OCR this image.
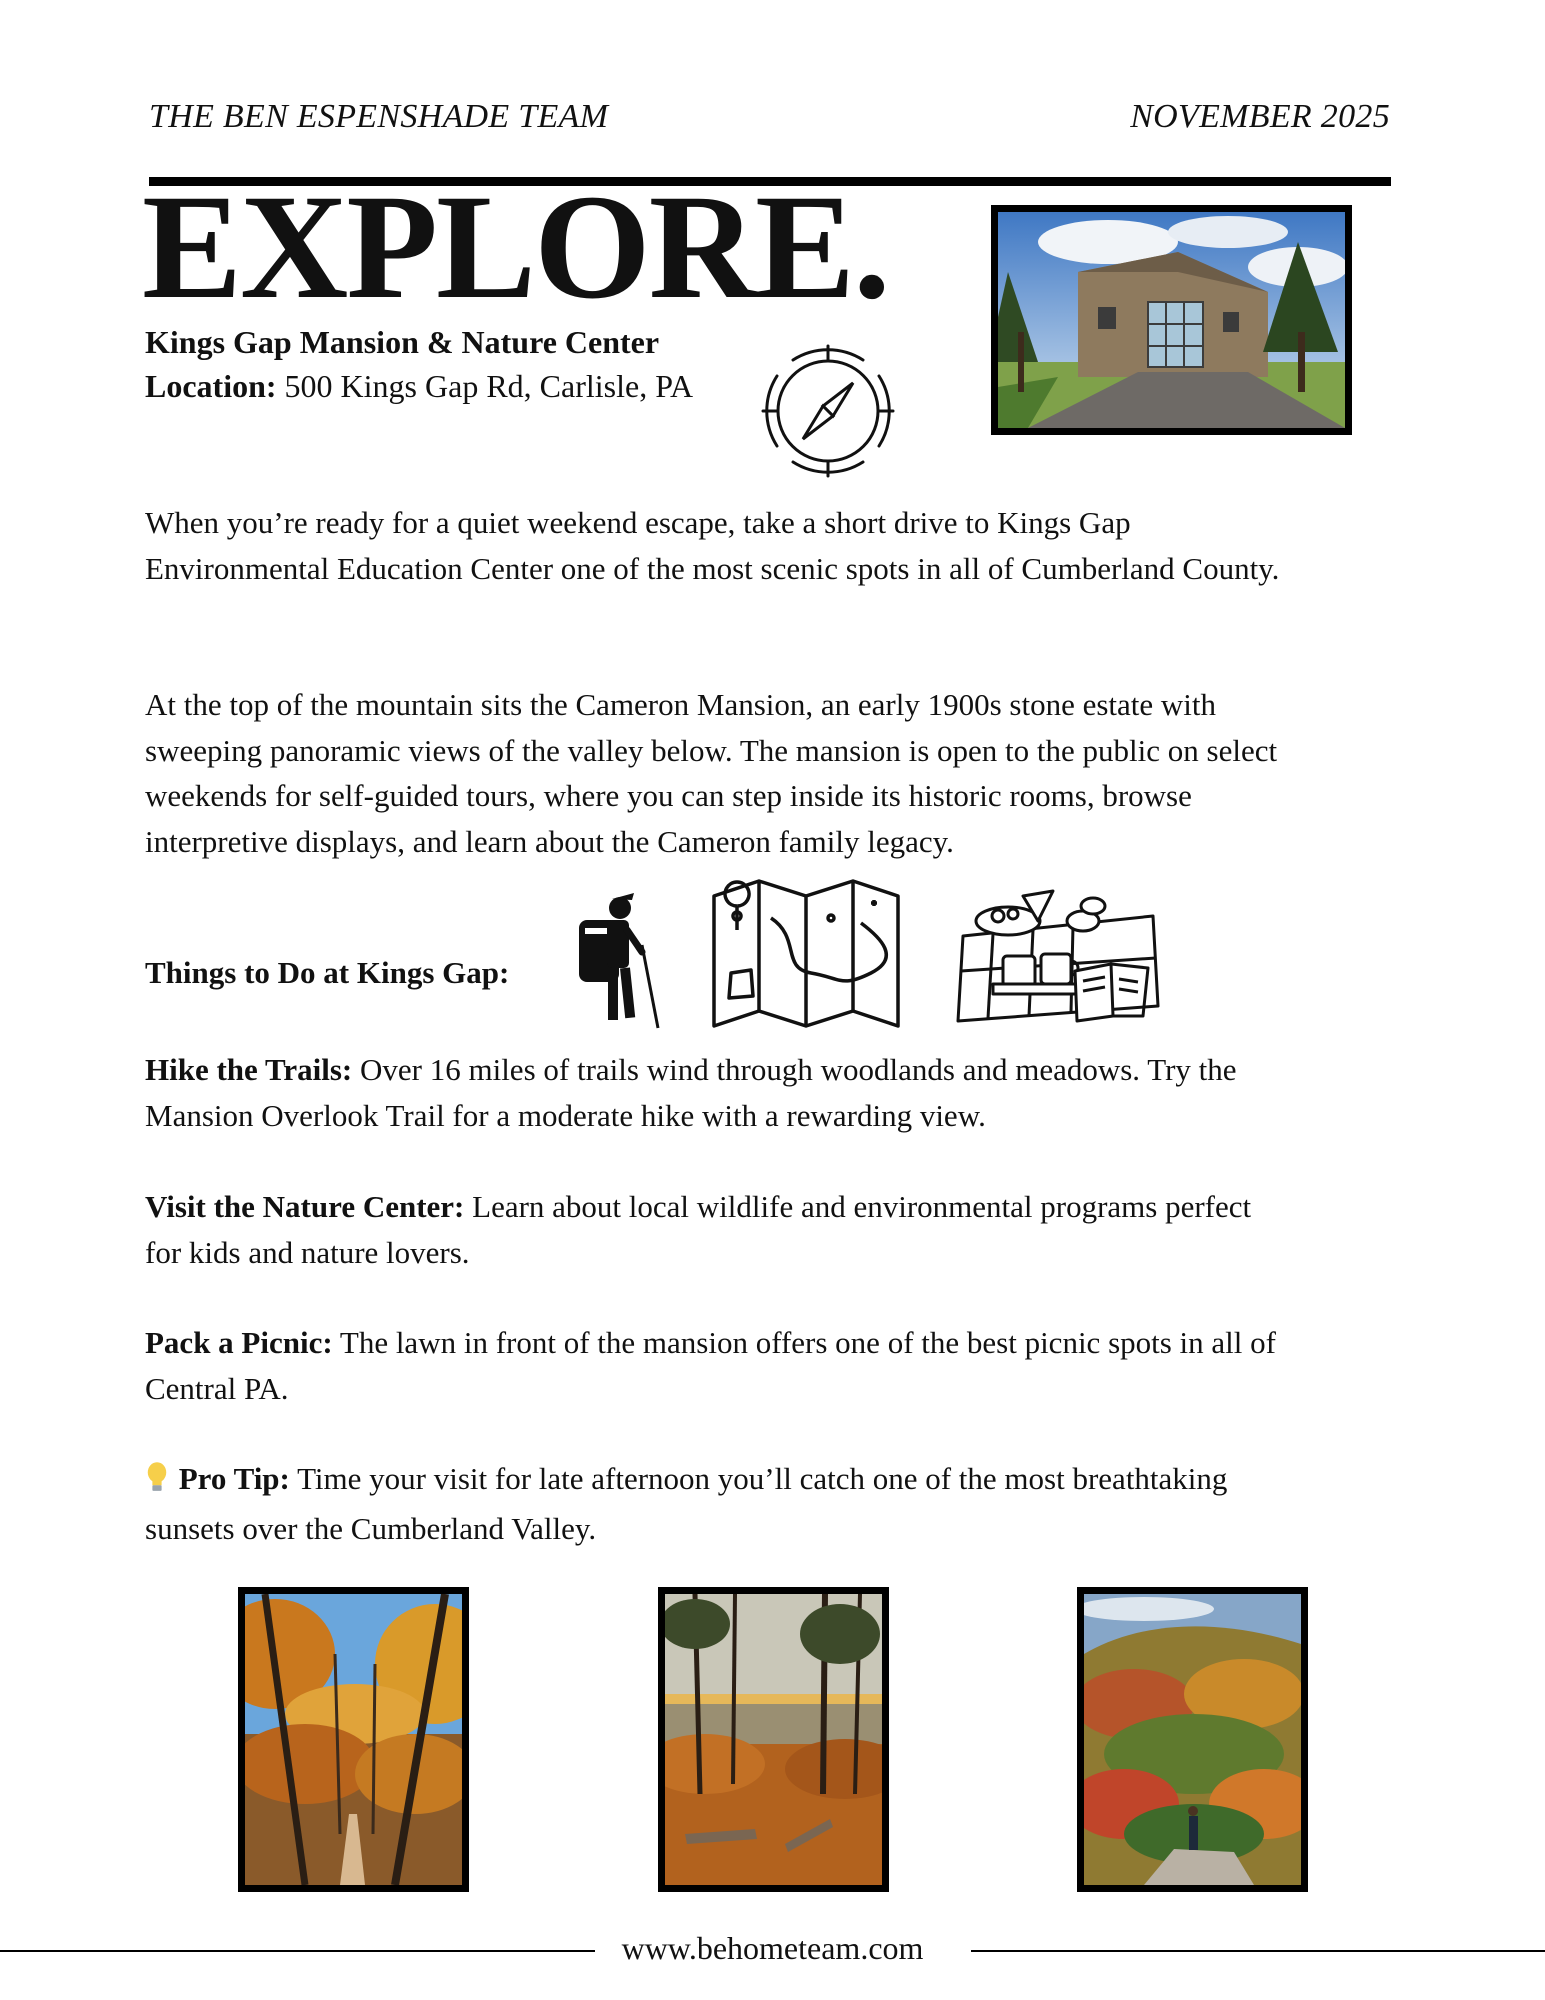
THE BEN ESPENSHADE TEAM	NOVEMBER 2025
EXPLORE.
Kings Gap Mansion & Nature Center
Location: 500 Kings Gap Rd, Carlisle, PA

When you’re ready for a quiet weekend escape, take a short drive to Kings Gap Environmental Education Center one of the most scenic spots in all of Cumberland County.

At the top of the mountain sits the Cameron Mansion, an early 1900s stone estate with sweeping panoramic views of the valley below. The mansion is open to the public on select weekends for self-guided tours, where you can step inside its historic rooms, browse interpretive displays, and learn about the Cameron family legacy.

Things to Do at Kings Gap:

Hike the Trails: Over 16 miles of trails wind through woodlands and meadows. Try the Mansion Overlook Trail for a moderate hike with a rewarding view.

Visit the Nature Center: Learn about local wildlife and environmental programs perfect for kids and nature lovers.

Pack a Picnic: The lawn in front of the mansion offers one of the best picnic spots in all of Central PA.

Pro Tip: Time your visit for late afternoon you’ll catch one of the most breathtaking sunsets over the Cumberland Valley.

www.behometeam.com
